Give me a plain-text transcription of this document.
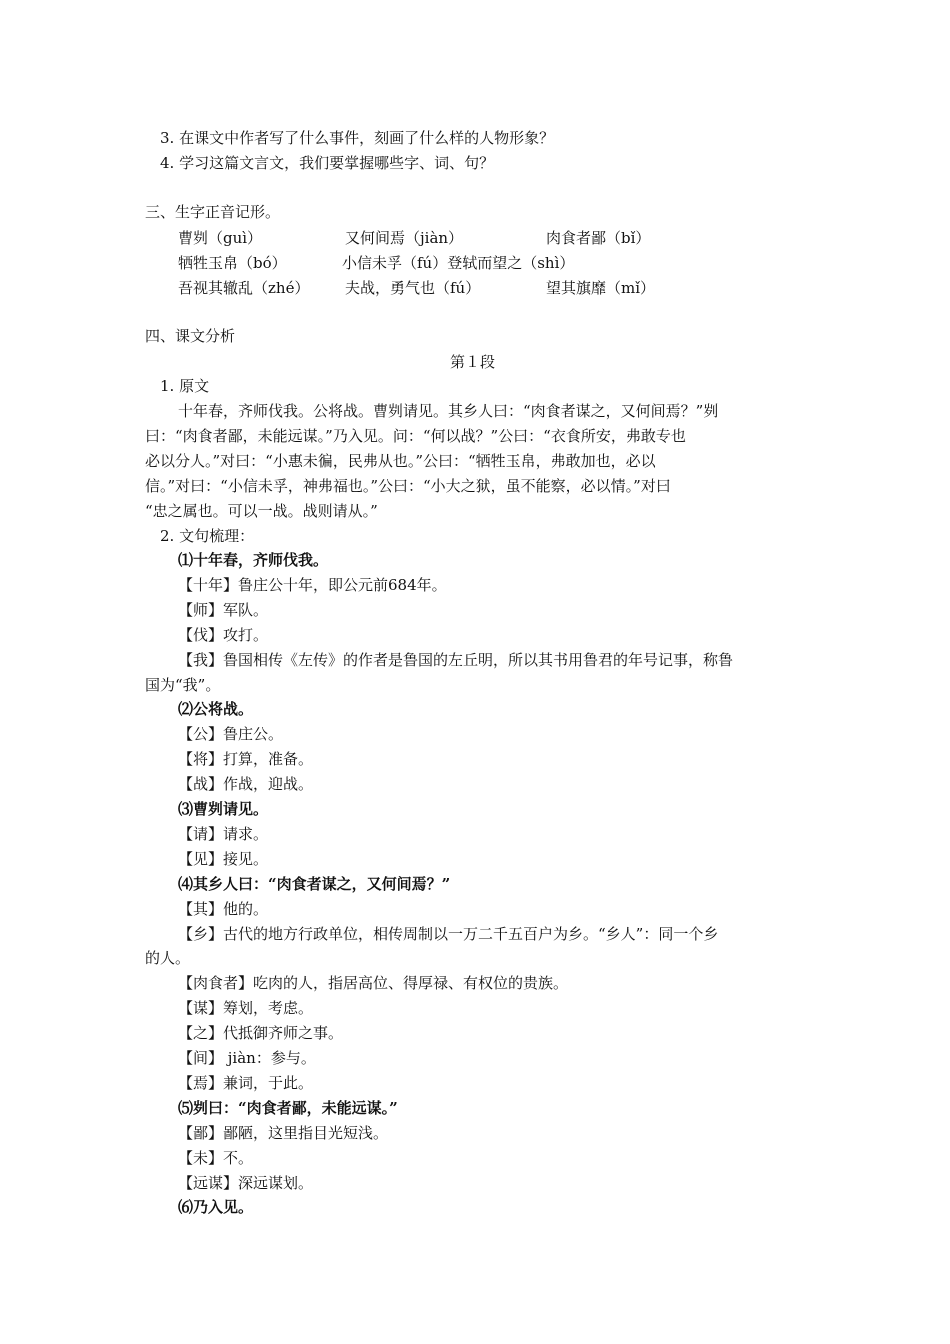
3. 在课文中作者写了什么事件，刻画了什么样的人物形象？
4. 学习这篇文言文，我们要掌握哪些字、词、句？
三、生字正音记形。
曹刿（guì）	又何间焉（jiàn）	肉食者鄙（bǐ）
牺牲玉帛（bó）	小信未孚（fú）登轼而望之（shì）
吾视其辙乱（zhé） 夫战，勇气也（fú）	望其旗靡（mǐ）
四、课文分析
第１段
1. 原文
十年春，齐师伐我。公将战。曹刿请见。其乡人曰：“肉食者谋之，又何间焉？”刿
曰：“肉食者鄙，未能远谋。”乃入见。问：“何以战？”公曰：“衣食所安，弗敢专也
必以分人。”对曰：“小惠未徧，民弗从也。”公曰：“牺牲玉帛，弗敢加也，必以
信。”对曰：“小信未孚，神弗福也。”公曰：“小大之狱，虽不能察，必以情。”对曰
“忠之属也。可以一战。战则请从。”
2. 文句梳理：
⑴十年春，齐师伐我。
【十年】鲁庄公十年，即公元前684年。
【师】军队。
【伐】攻打。
【我】鲁国相传《左传》的作者是鲁国的左丘明，所以其书用鲁君的年号记事，称鲁
国为“我”。
⑵公将战。
【公】鲁庄公。
【将】打算，准备。
【战】作战，迎战。
⑶曹刿请见。
【请】请求。
【见】接见。
⑷其乡人曰：“肉食者谋之，又何间焉？”
【其】他的。
【乡】古代的地方行政单位，相传周制以一万二千五百户为乡。“乡人”：同一个乡
的人。
【肉食者】吃肉的人，指居高位、得厚禄、有权位的贵族。
【谋】筹划，考虑。
【之】代抵御齐师之事。
【间】 jiàn：参与。
【焉】兼词，于此。
⑸刿曰：“肉食者鄙，未能远谋。”
【鄙】鄙陋，这里指目光短浅。
【未】不。
【远谋】深远谋划。
⑹乃入见。
